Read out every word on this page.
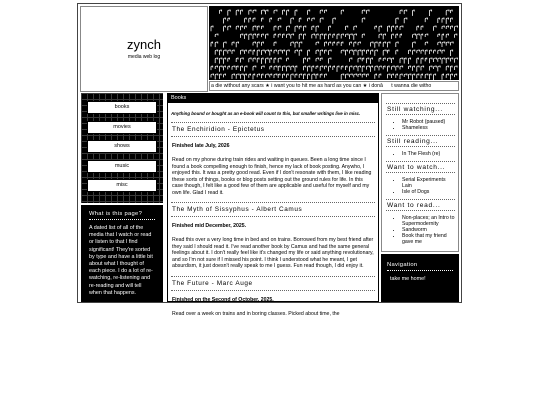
zynch
media web log
a die without any scars ★ i want you to hit me as hard as you can ★ i donât wanna die witho
books
movies
shows
music
misc
What is this page?
A dated list of all of the media that I watch or read or listen to that I find significant! They're sorted by type and have a little bit about what I thought of each piece. I do a lot of re-watching, re-listening and re-reading and will tell when that happens.
Books
Anything bound or bought as an e-book will count to this, but smaller writings live in misc.
The Enchiridion - Epictetus
Finished late July, 2026
Read on my phone during train rides and waiting in queues. Been a long time since I found a book compelling enough to finish, hence my lack of book posting. Anywho, I enjoyed this. It was a pretty good read. Even if I don't resonate with them, I like reading these sorts of things, books or blog posts setting out the ground rules for life. In this case though, I felt like a good few of them are applicable and useful for myself and my own life. Glad I read it.
The Myth of Sissyphus - Albert Camus
Finished mid December, 2025.
Read this over a very long time in bed and on trains. Borrowed from my best friend after they said I should read it. I've read another book by Camus and had the same general feelings about it. I don't really feel like it's changed my life or said anything revolutionary, and so I'm not sure if I missed his point. I think I understood what he meant, I get absurdism, it just doesn't really speak to me I guess. Fun read though, I did enjoy it.
The Future - Marc Auge
Finished on the Second of October, 2025.
Read over a week on trains and in boring classes. Picked about time, the
Still watching...
• Mr Robot (paused)
• Shameless
Still reading...
• In The Flesh (re)
Want to watch...
• Serial Experiments Lain
• Isle of Dogs
Want to read...
• Non-places; an Intro to Supermodernity
• Sandworm
• Book that my friend gave me
Navigation
take me home!
